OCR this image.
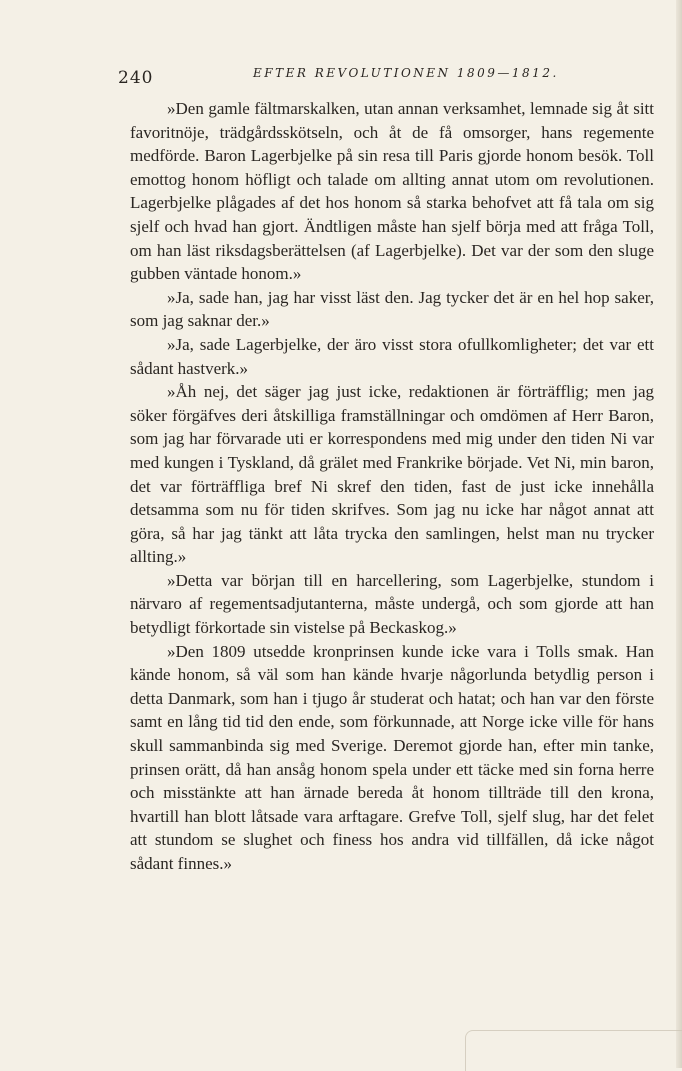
240	EFTER REVOLUTIONEN 1809—1812.

»Den gamle fältmarskalken, utan annan verksamhet, lemnade sig åt sitt favoritnöje, trädgårdsskötseln, och åt de få omsorger, hans regemente medförde. Baron Lagerbjelke på sin resa till Paris gjorde honom besök. Toll emottog honom höfligt och talade om allting annat utom om revolutionen. Lagerbjelke plågades af det hos honom så starka behofvet att få tala om sig sjelf och hvad han gjort. Ändtligen måste han sjelf börja med att fråga Toll, om han läst riksdagsberättelsen (af Lagerbjelke). Det var der som den sluge gubben väntade honom.»

»Ja, sade han, jag har visst läst den. Jag tycker det är en hel hop saker, som jag saknar der.»

»Ja, sade Lagerbjelke, der äro visst stora ofullkomligheter; det var ett sådant hastverk.»

»Åh nej, det säger jag just icke, redaktionen är förträfflig; men jag söker förgäfves deri åtskilliga framställningar och omdömen af Herr Baron, som jag har förvarade uti er korrespondens med mig under den tiden Ni var med kungen i Tyskland, då grälet med Frankrike började. Vet Ni, min baron, det var förträffliga bref Ni skref den tiden, fast de just icke innehålla detsamma som nu för tiden skrifves. Som jag nu icke har något annat att göra, så har jag tänkt att låta trycka den samlingen, helst man nu trycker allting.»

»Detta var början till en harcellering, som Lagerbjelke, stundom i närvaro af regementsadjutanterna, måste undergå, och som gjorde att han betydligt förkortade sin vistelse på Beckaskog.»

»Den 1809 utsedde kronprinsen kunde icke vara i Tolls smak. Han kände honom, så väl som han kände hvarje någorlunda betydlig person i detta Danmark, som han i tjugo år studerat och hatat; och han var den förste samt en lång tid tid den ende, som förkunnade, att Norge icke ville för hans skull sammanbinda sig med Sverige. Deremot gjorde han, efter min tanke, prinsen orätt, då han ansåg honom spela under ett täcke med sin forna herre och misstänkte att han ärnade bereda åt honom tillträde till den krona, hvartill han blott låtsade vara arftagare. Grefve Toll, sjelf slug, har det felet att stundom se slughet och finess hos andra vid tillfällen, då icke något sådant finnes.»
